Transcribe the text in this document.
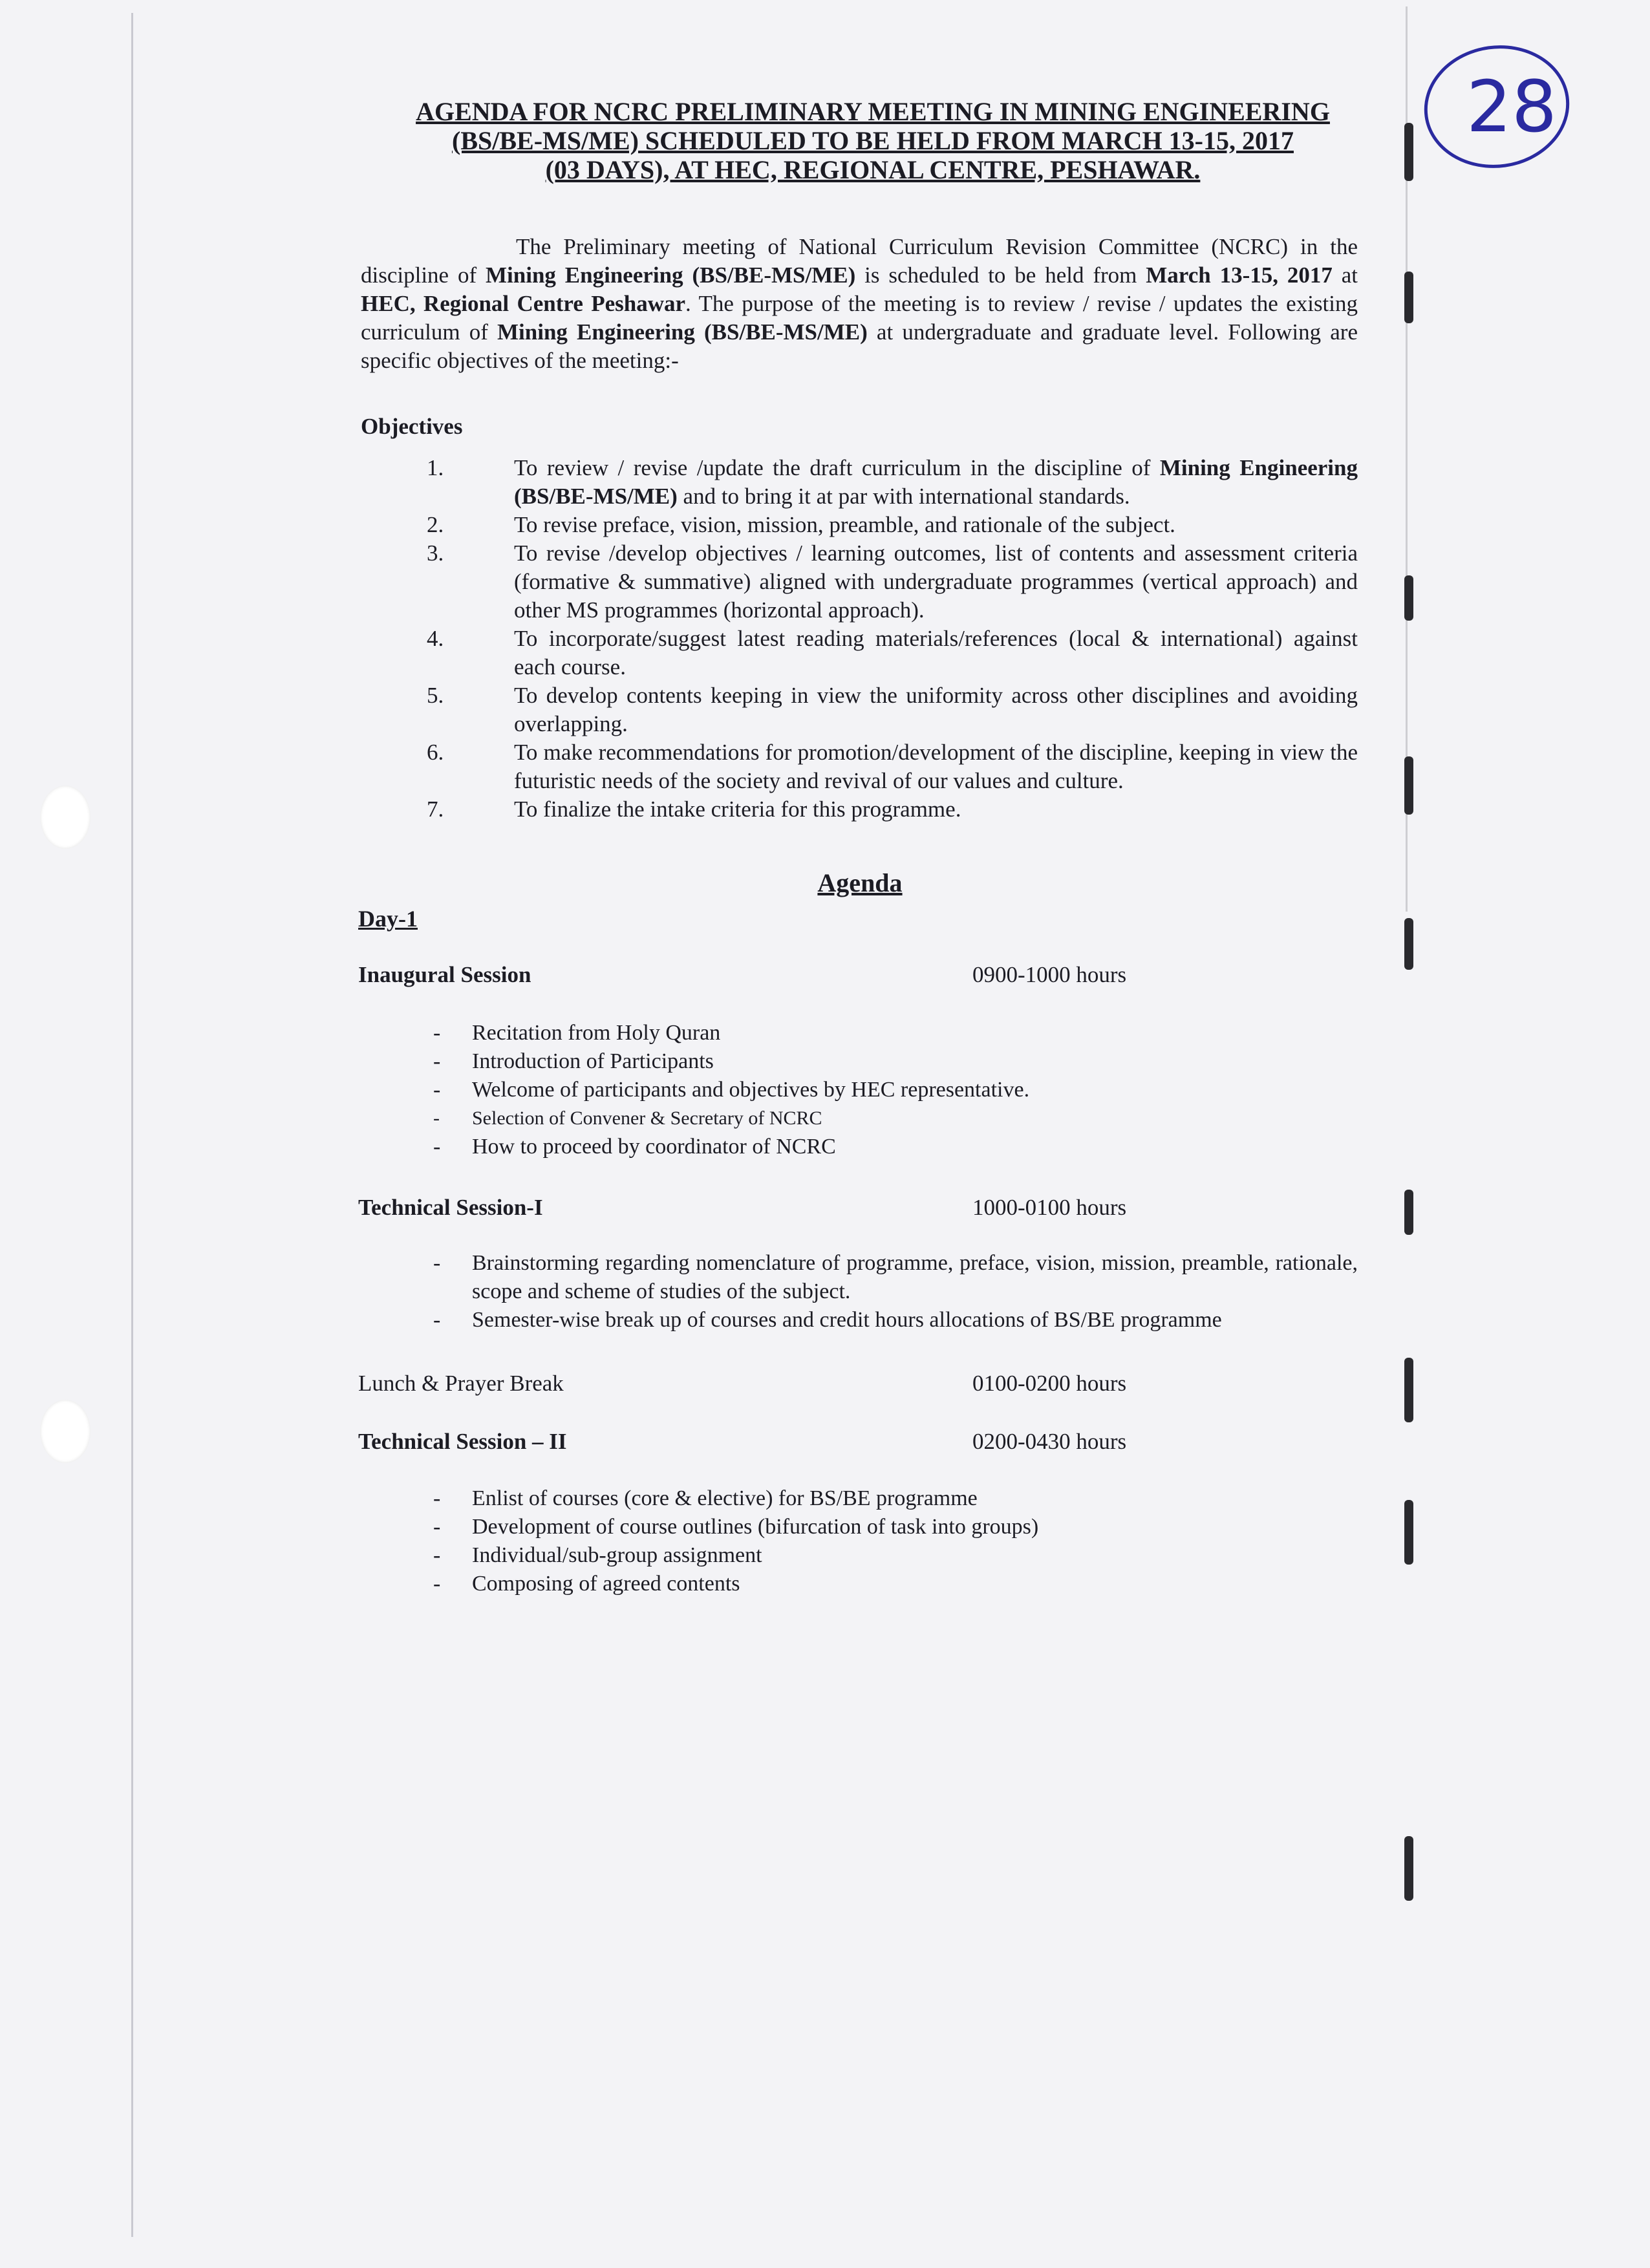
28
AGENDA FOR NCRC PRELIMINARY MEETING IN MINING ENGINEERING
(BS/BE-MS/ME) SCHEDULED TO BE HELD FROM MARCH 13-15, 2017
(03 DAYS), AT HEC, REGIONAL CENTRE, PESHAWAR.
The Preliminary meeting of National Curriculum Revision Committee (NCRC) in the discipline of Mining Engineering (BS/BE-MS/ME) is scheduled to be held from March 13-15, 2017 at HEC, Regional Centre Peshawar. The purpose of the meeting is to review / revise / updates the existing curriculum of Mining Engineering (BS/BE-MS/ME) at undergraduate and graduate level. Following are specific objectives of the meeting:-
Objectives
1.	To review / revise /update the draft curriculum in the discipline of Mining Engineering (BS/BE-MS/ME) and to bring it at par with international standards.
2.	To revise preface, vision, mission, preamble, and rationale of the subject.
3.	To revise /develop objectives / learning outcomes, list of contents and assessment criteria (formative & summative) aligned with undergraduate programmes (vertical approach) and other MS programmes (horizontal approach).
4.	To incorporate/suggest latest reading materials/references (local & international) against each course.
5.	To develop contents keeping in view the uniformity across other disciplines and avoiding overlapping.
6.	To make recommendations for promotion/development of the discipline, keeping in view the futuristic needs of the society and revival of our values and culture.
7.	To finalize the intake criteria for this programme.
Agenda
Day-1
Inaugural Session	0900-1000 hours
- Recitation from Holy Quran
- Introduction of Participants
- Welcome of participants and objectives by HEC representative.
- Selection of Convener & Secretary of NCRC
- How to proceed by coordinator of NCRC
Technical Session-I	1000-0100 hours
- Brainstorming regarding nomenclature of programme, preface, vision, mission, preamble, rationale, scope and scheme of studies of the subject.
- Semester-wise break up of courses and credit hours allocations of BS/BE programme
Lunch & Prayer Break	0100-0200 hours
Technical Session – II	0200-0430 hours
- Enlist of courses (core & elective) for BS/BE programme
- Development of course outlines (bifurcation of task into groups)
- Individual/sub-group assignment
- Composing of agreed contents
